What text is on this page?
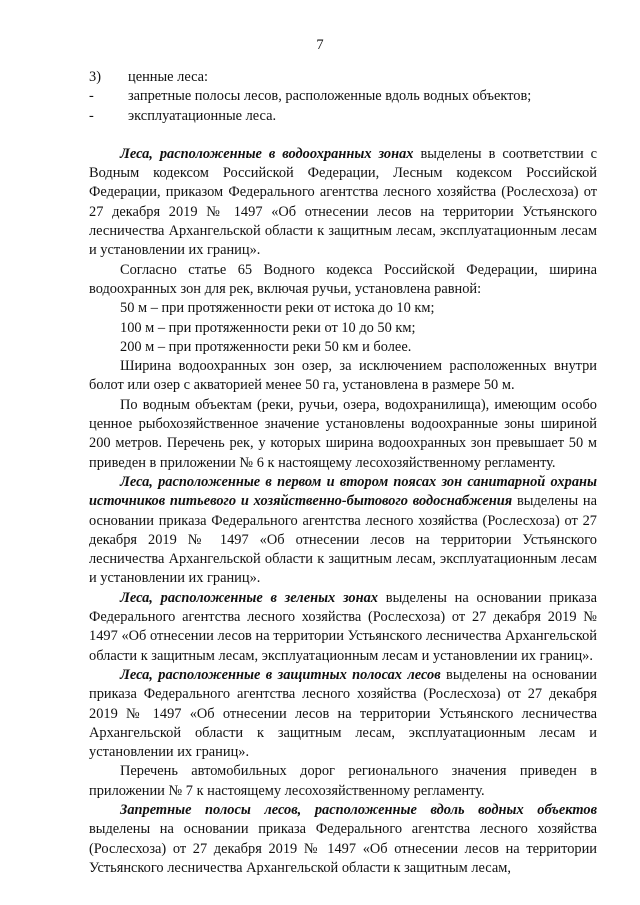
7
3) ценные леса:
- запретные полосы лесов, расположенные вдоль водных объектов;
- эксплуатационные леса.

Леса, расположенные в водоохранных зонах выделены в соответствии с Водным кодексом Российской Федерации, Лесным кодексом Российской Федерации, приказом Федерального агентства лесного хозяйства (Рослесхоза) от 27 декабря 2019 № 1497 «Об отнесении лесов на территории Устьянского лесничества Архангельской области к защитным лесам, эксплуатационным лесам и установлении их границ».

Согласно статье 65 Водного кодекса Российской Федерации, ширина водоохранных зон для рек, включая ручьи, установлена равной:

50 м – при протяженности реки от истока до 10 км;

100 м – при протяженности реки от 10 до 50 км;

200 м – при протяженности реки 50 км и более.

Ширина водоохранных зон озер, за исключением расположенных внутри болот или озер с акваторией менее 50 га, установлена в размере 50 м.

По водным объектам (реки, ручьи, озера, водохранилища), имеющим особо ценное рыбохозяйственное значение установлены водоохранные зоны шириной 200 метров. Перечень рек, у которых ширина водоохранных зон превышает 50 м приведен в приложении № 6 к настоящему лесохозяйственному регламенту.

Леса, расположенные в первом и втором поясах зон санитарной охраны источников питьевого и хозяйственно-бытового водоснабжения выделены на основании приказа Федерального агентства лесного хозяйства (Рослесхоза) от 27 декабря 2019 № 1497 «Об отнесении лесов на территории Устьянского лесничества Архангельской области к защитным лесам, эксплуатационным лесам и установлении их границ».

Леса, расположенные в зеленых зонах выделены на основании приказа Федерального агентства лесного хозяйства (Рослесхоза) от 27 декабря 2019 № 1497 «Об отнесении лесов на территории Устьянского лесничества Архангельской области к защитным лесам, эксплуатационным лесам и установлении их границ».

Леса, расположенные в защитных полосах лесов выделены на основании приказа Федерального агентства лесного хозяйства (Рослесхоза) от 27 декабря 2019 № 1497 «Об отнесении лесов на территории Устьянского лесничества Архангельской области к защитным лесам, эксплуатационным лесам и установлении их границ».

Перечень автомобильных дорог регионального значения приведен в приложении № 7 к настоящему лесохозяйственному регламенту.

Запретные полосы лесов, расположенные вдоль водных объектов выделены на основании приказа Федерального агентства лесного хозяйства (Рослесхоза) от 27 декабря 2019 № 1497 «Об отнесении лесов на территории Устьянского лесничества Архангельской области к защитным лесам,
